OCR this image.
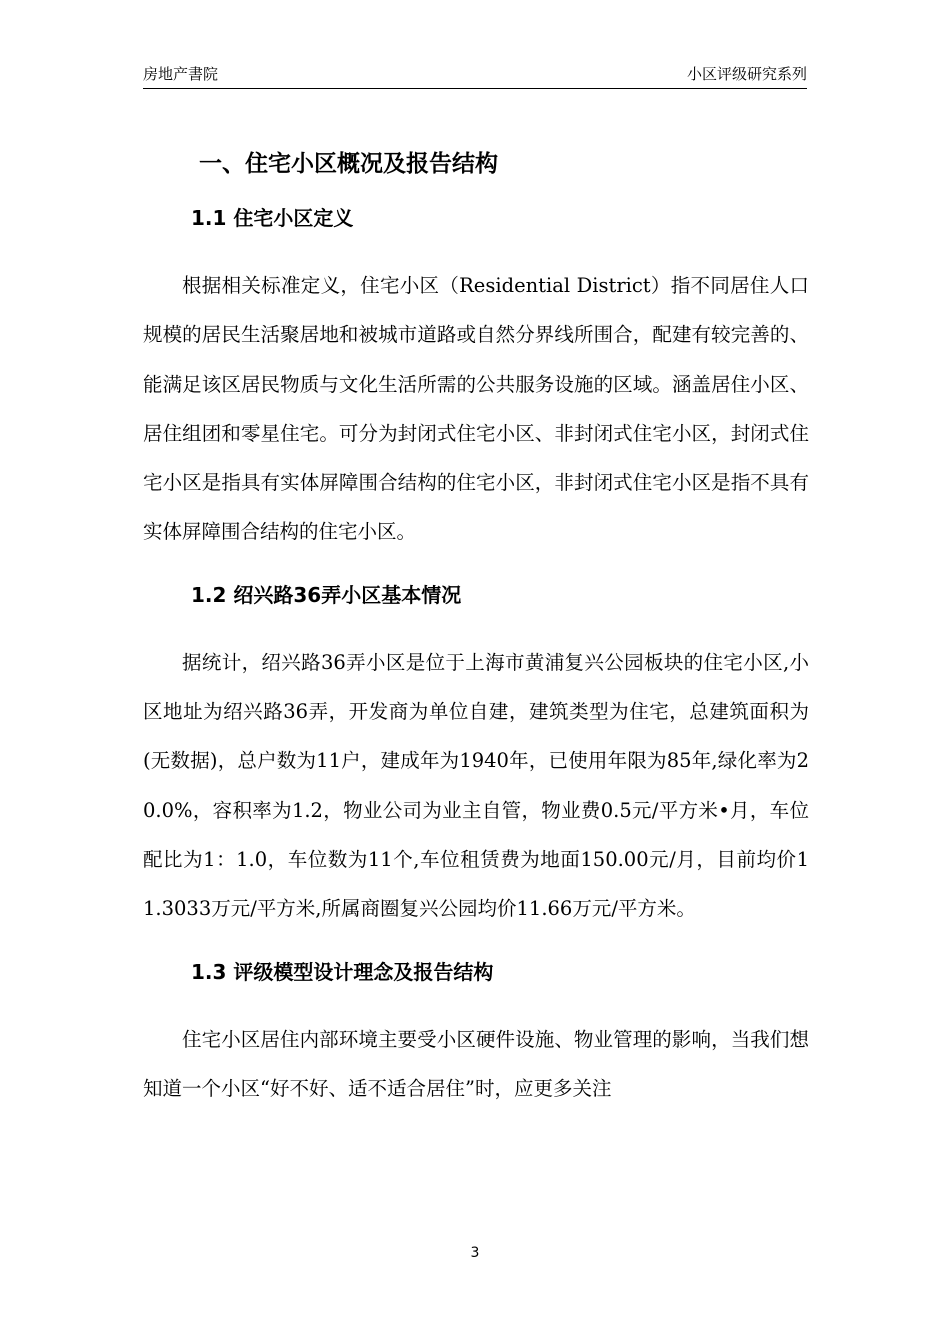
房地产書院	小区评级研究系列
一、住宅小区概况及报告结构
1.1 住宅小区定义

根据相关标准定义，住宅小区（Residential District）指不同居住人口规模的居民生活聚居地和被城市道路或自然分界线所围合，配建有较完善的、能满足该区居民物质与文化生活所需的公共服务设施的区域。涵盖居住小区、居住组团和零星住宅。可分为封闭式住宅小区、非封闭式住宅小区，封闭式住宅小区是指具有实体屏障围合结构的住宅小区，非封闭式住宅小区是指不具有实体屏障围合结构的住宅小区。

1.2 绍兴路36弄小区基本情况

据统计，绍兴路36弄小区是位于上海市黄浦复兴公园板块的住宅小区,小区地址为绍兴路36弄，开发商为单位自建，建筑类型为住宅，总建筑面积为(无数据)，总户数为11户，建成年为1940年，已使用年限为85年,绿化率为20.0%，容积率为1.2，物业公司为业主自管，物业费0.5元/平方米•月，车位配比为1：1.0，车位数为11个,车位租赁费为地面150.00元/月，目前均价11.3033万元/平方米,所属商圈复兴公园均价11.66万元/平方米。

1.3 评级模型设计理念及报告结构

住宅小区居住内部环境主要受小区硬件设施、物业管理的影响，当我们想知道一个小区“好不好、适不适合居住”时，应更多关注

3
